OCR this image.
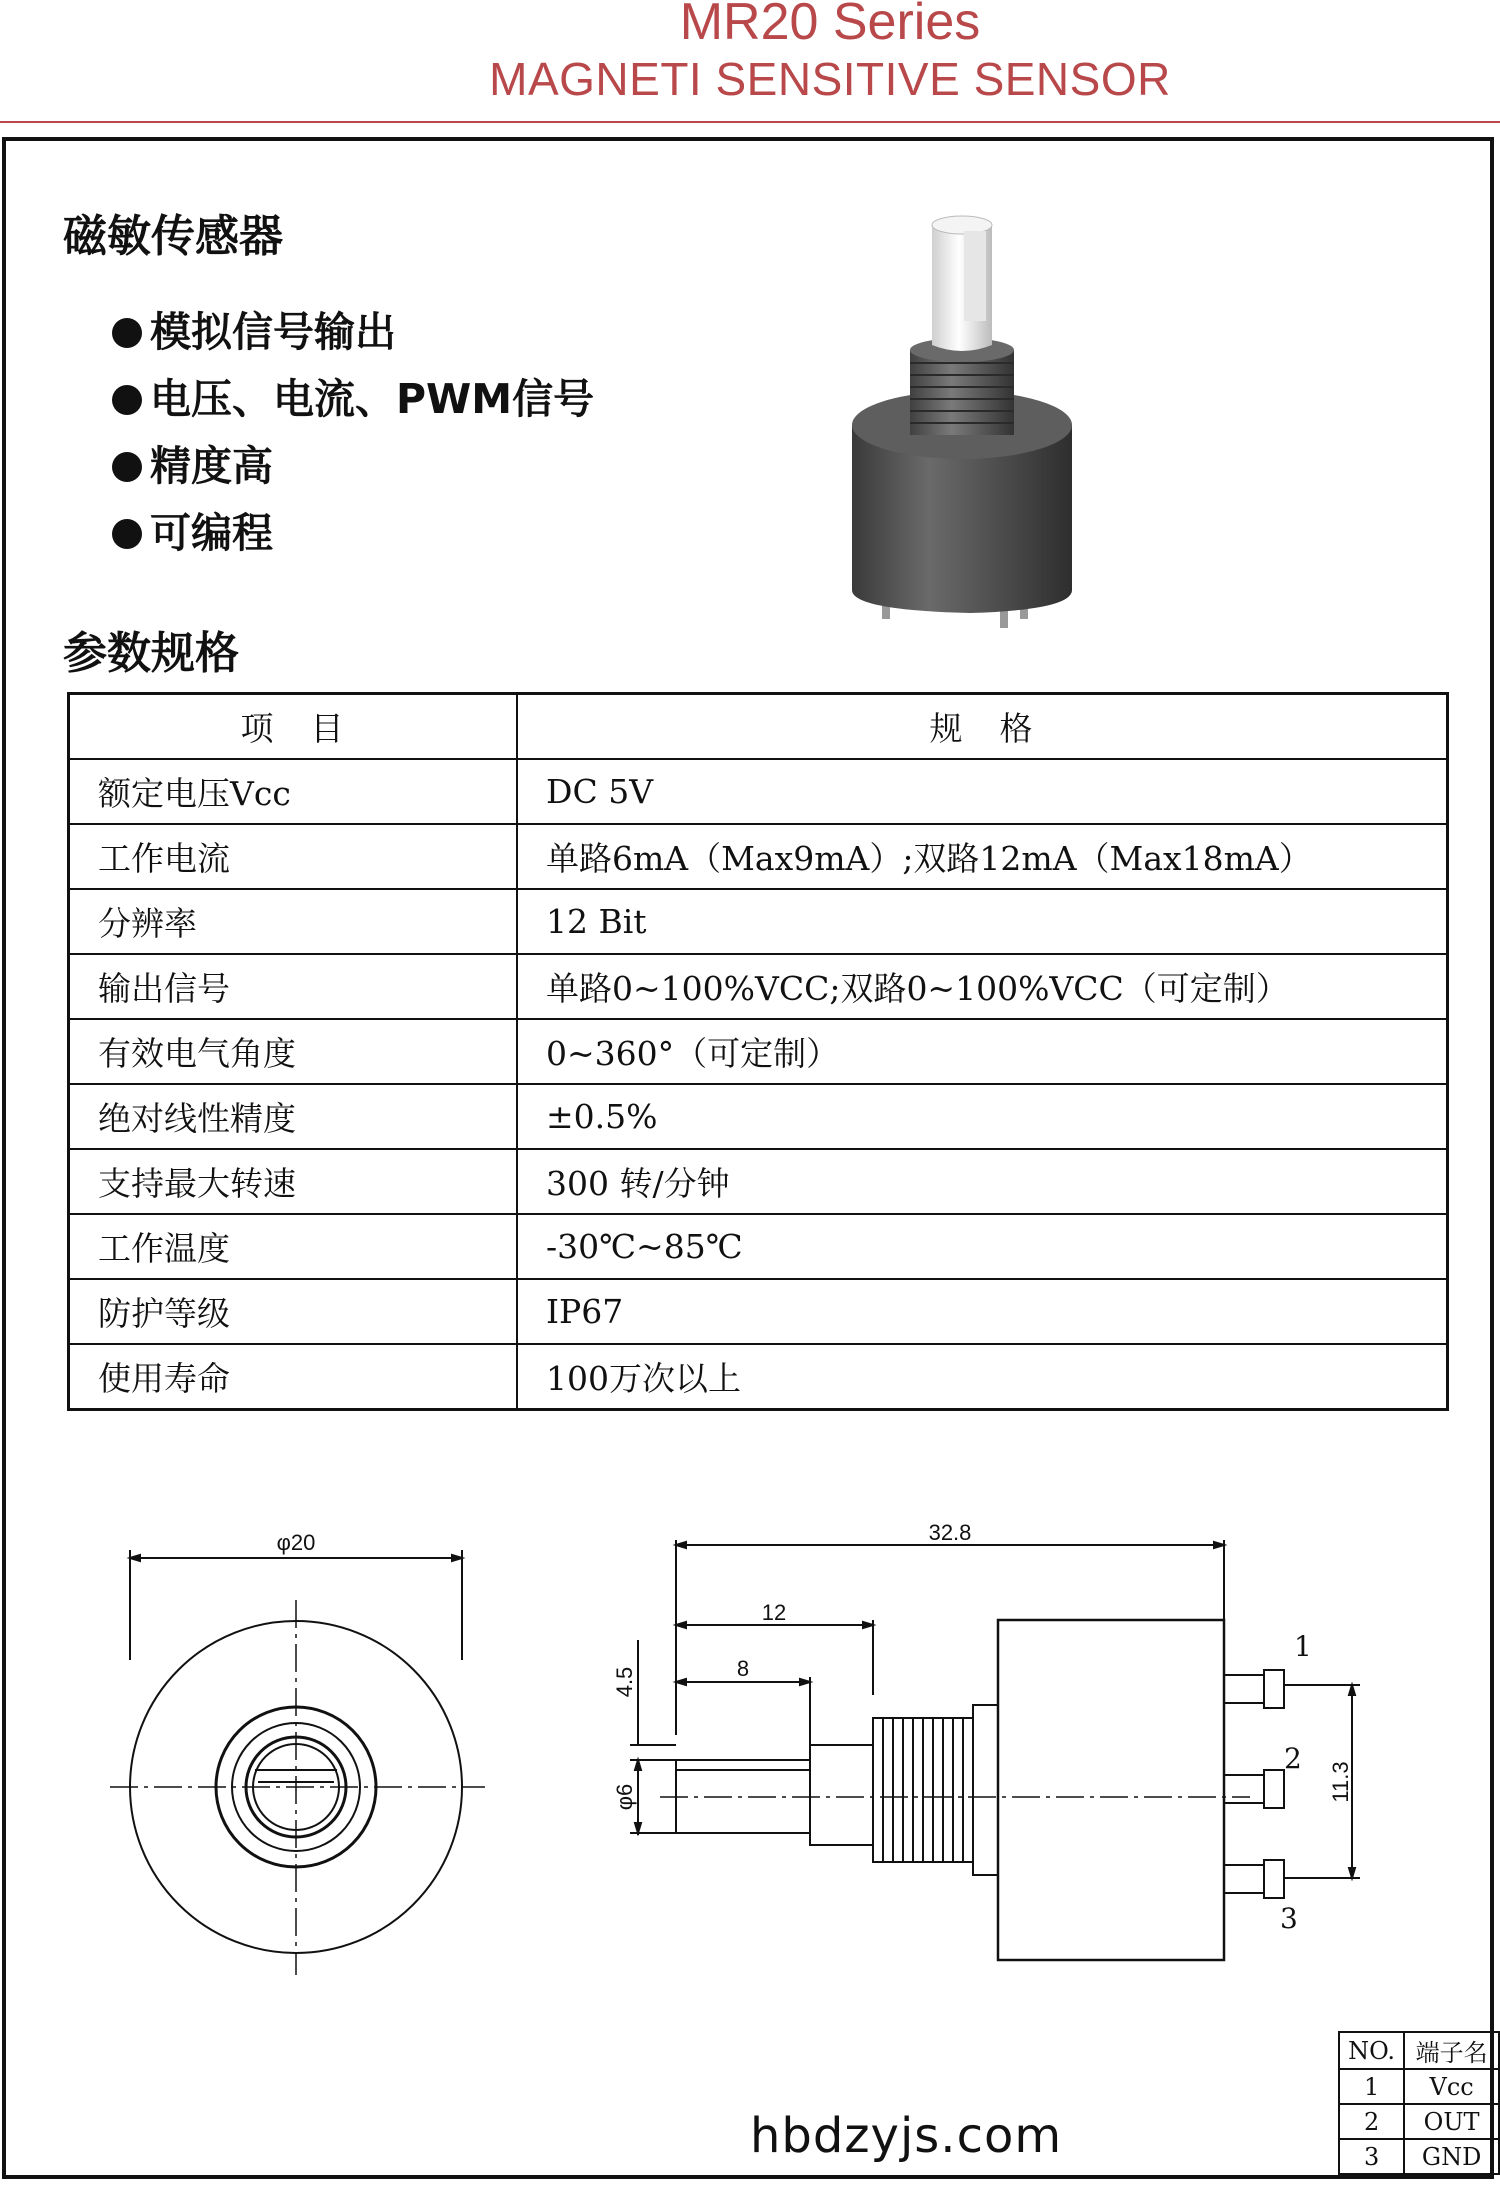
MR20 Series
MAGNETI SENSITIVE SENSOR
磁敏传感器
模拟信号输出
电压、电流、PWM信号
精度高
可编程
参数规格
项　目	规　格
额定电压Vcc	DC 5V
工作电流	单路6mA（Max9mA）;双路12mA（Max18mA）
分辨率	12 Bit
输出信号	单路0~100%VCC;双路0~100%VCC（可定制）
有效电气角度	0~360°（可定制）
绝对线性精度	±0.5%
支持最大转速	300 转/分钟
工作温度	-30℃~85℃
防护等级	IP67
使用寿命	100万次以上
φ20	32.8
12
8
4.5
φ6	11.3
1
2
3
NO.	端子名
1	Vcc
2	OUT
3	GND
hbdzyjs.com
